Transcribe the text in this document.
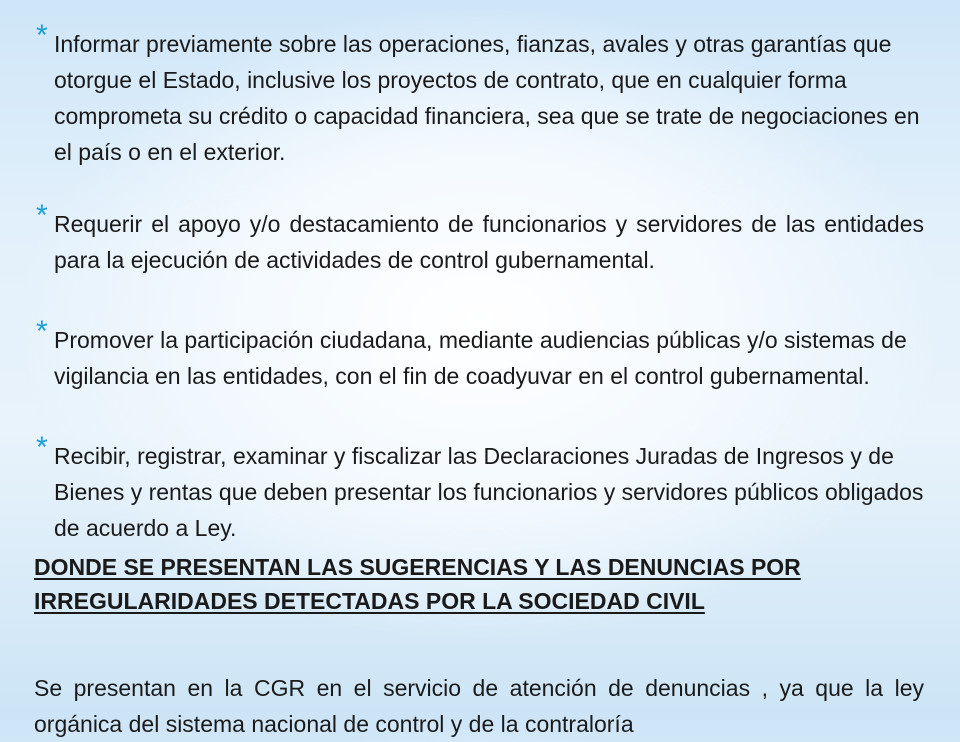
* Informar previamente sobre las operaciones, fianzas, avales y otras garantías que otorgue el Estado, inclusive los proyectos de contrato, que en cualquier forma comprometa su crédito o capacidad financiera, sea que se trate de negociaciones en el país o en el exterior.
* Requerir el apoyo y/o destacamiento de funcionarios y servidores de las entidades para la ejecución de actividades de control gubernamental.
* Promover la participación ciudadana, mediante audiencias públicas y/o sistemas de vigilancia en las entidades, con el fin de coadyuvar en el control gubernamental.
* Recibir, registrar, examinar y fiscalizar las Declaraciones Juradas de Ingresos y de Bienes y rentas que deben presentar los funcionarios y servidores públicos obligados de acuerdo a Ley.
DONDE SE PRESENTAN LAS SUGERENCIAS Y LAS DENUNCIAS POR IRREGULARIDADES DETECTADAS POR LA SOCIEDAD CIVIL
Se presentan en la CGR en el servicio de atención de denuncias , ya que la ley orgánica del sistema nacional de control y de la contraloría
